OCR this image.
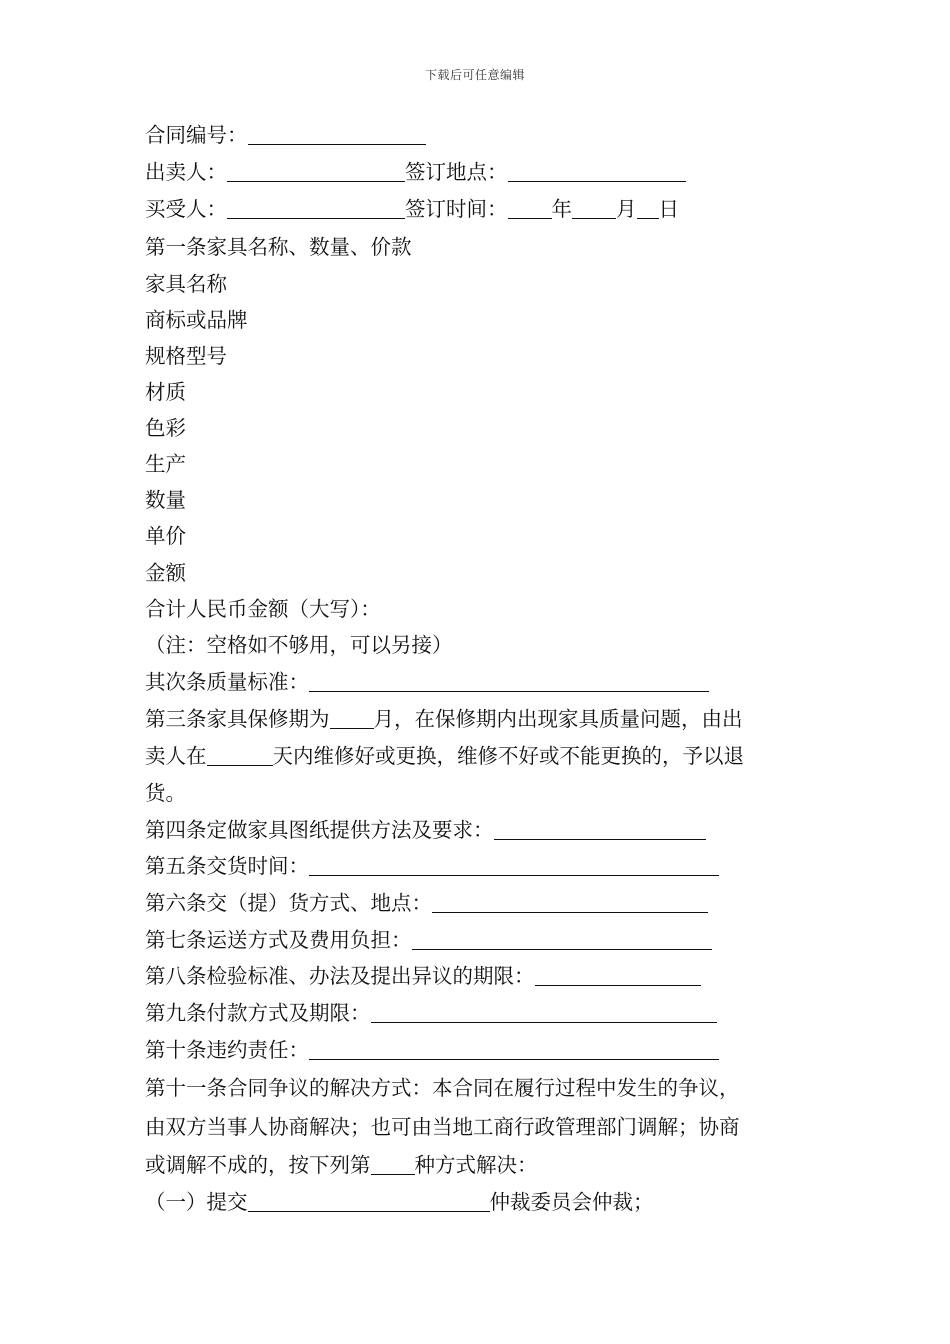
下载后可任意编辑
合同编号：
出卖人：	签订地点：
买受人：	签订时间： 年 月 日
第一条家具名称、数量、价款
家具名称
商标或品牌
规格型号
材质
色彩
生产
数量
单价
金额
合计人民币金额（大写）：
（注：空格如不够用，可以另接）
其次条质量标准：
第三条家具保修期为 月，在保修期内出现家具质量问题，由出
卖人在	天内维修好或更换，维修不好或不能更换的，予以退
货。
第四条定做家具图纸提供方法及要求：
第五条交货时间：
第六条交（提）货方式、地点：
第七条运送方式及费用负担：
第八条检验标准、办法及提出异议的期限：
第九条付款方式及期限：
第十条违约责任：
第十一条合同争议的解决方式：本合同在履行过程中发生的争议，
由双方当事人协商解决；也可由当地工商行政管理部门调解；协商
或调解不成的，按下列第 种方式解决：
（一）提交	仲裁委员会仲裁；
